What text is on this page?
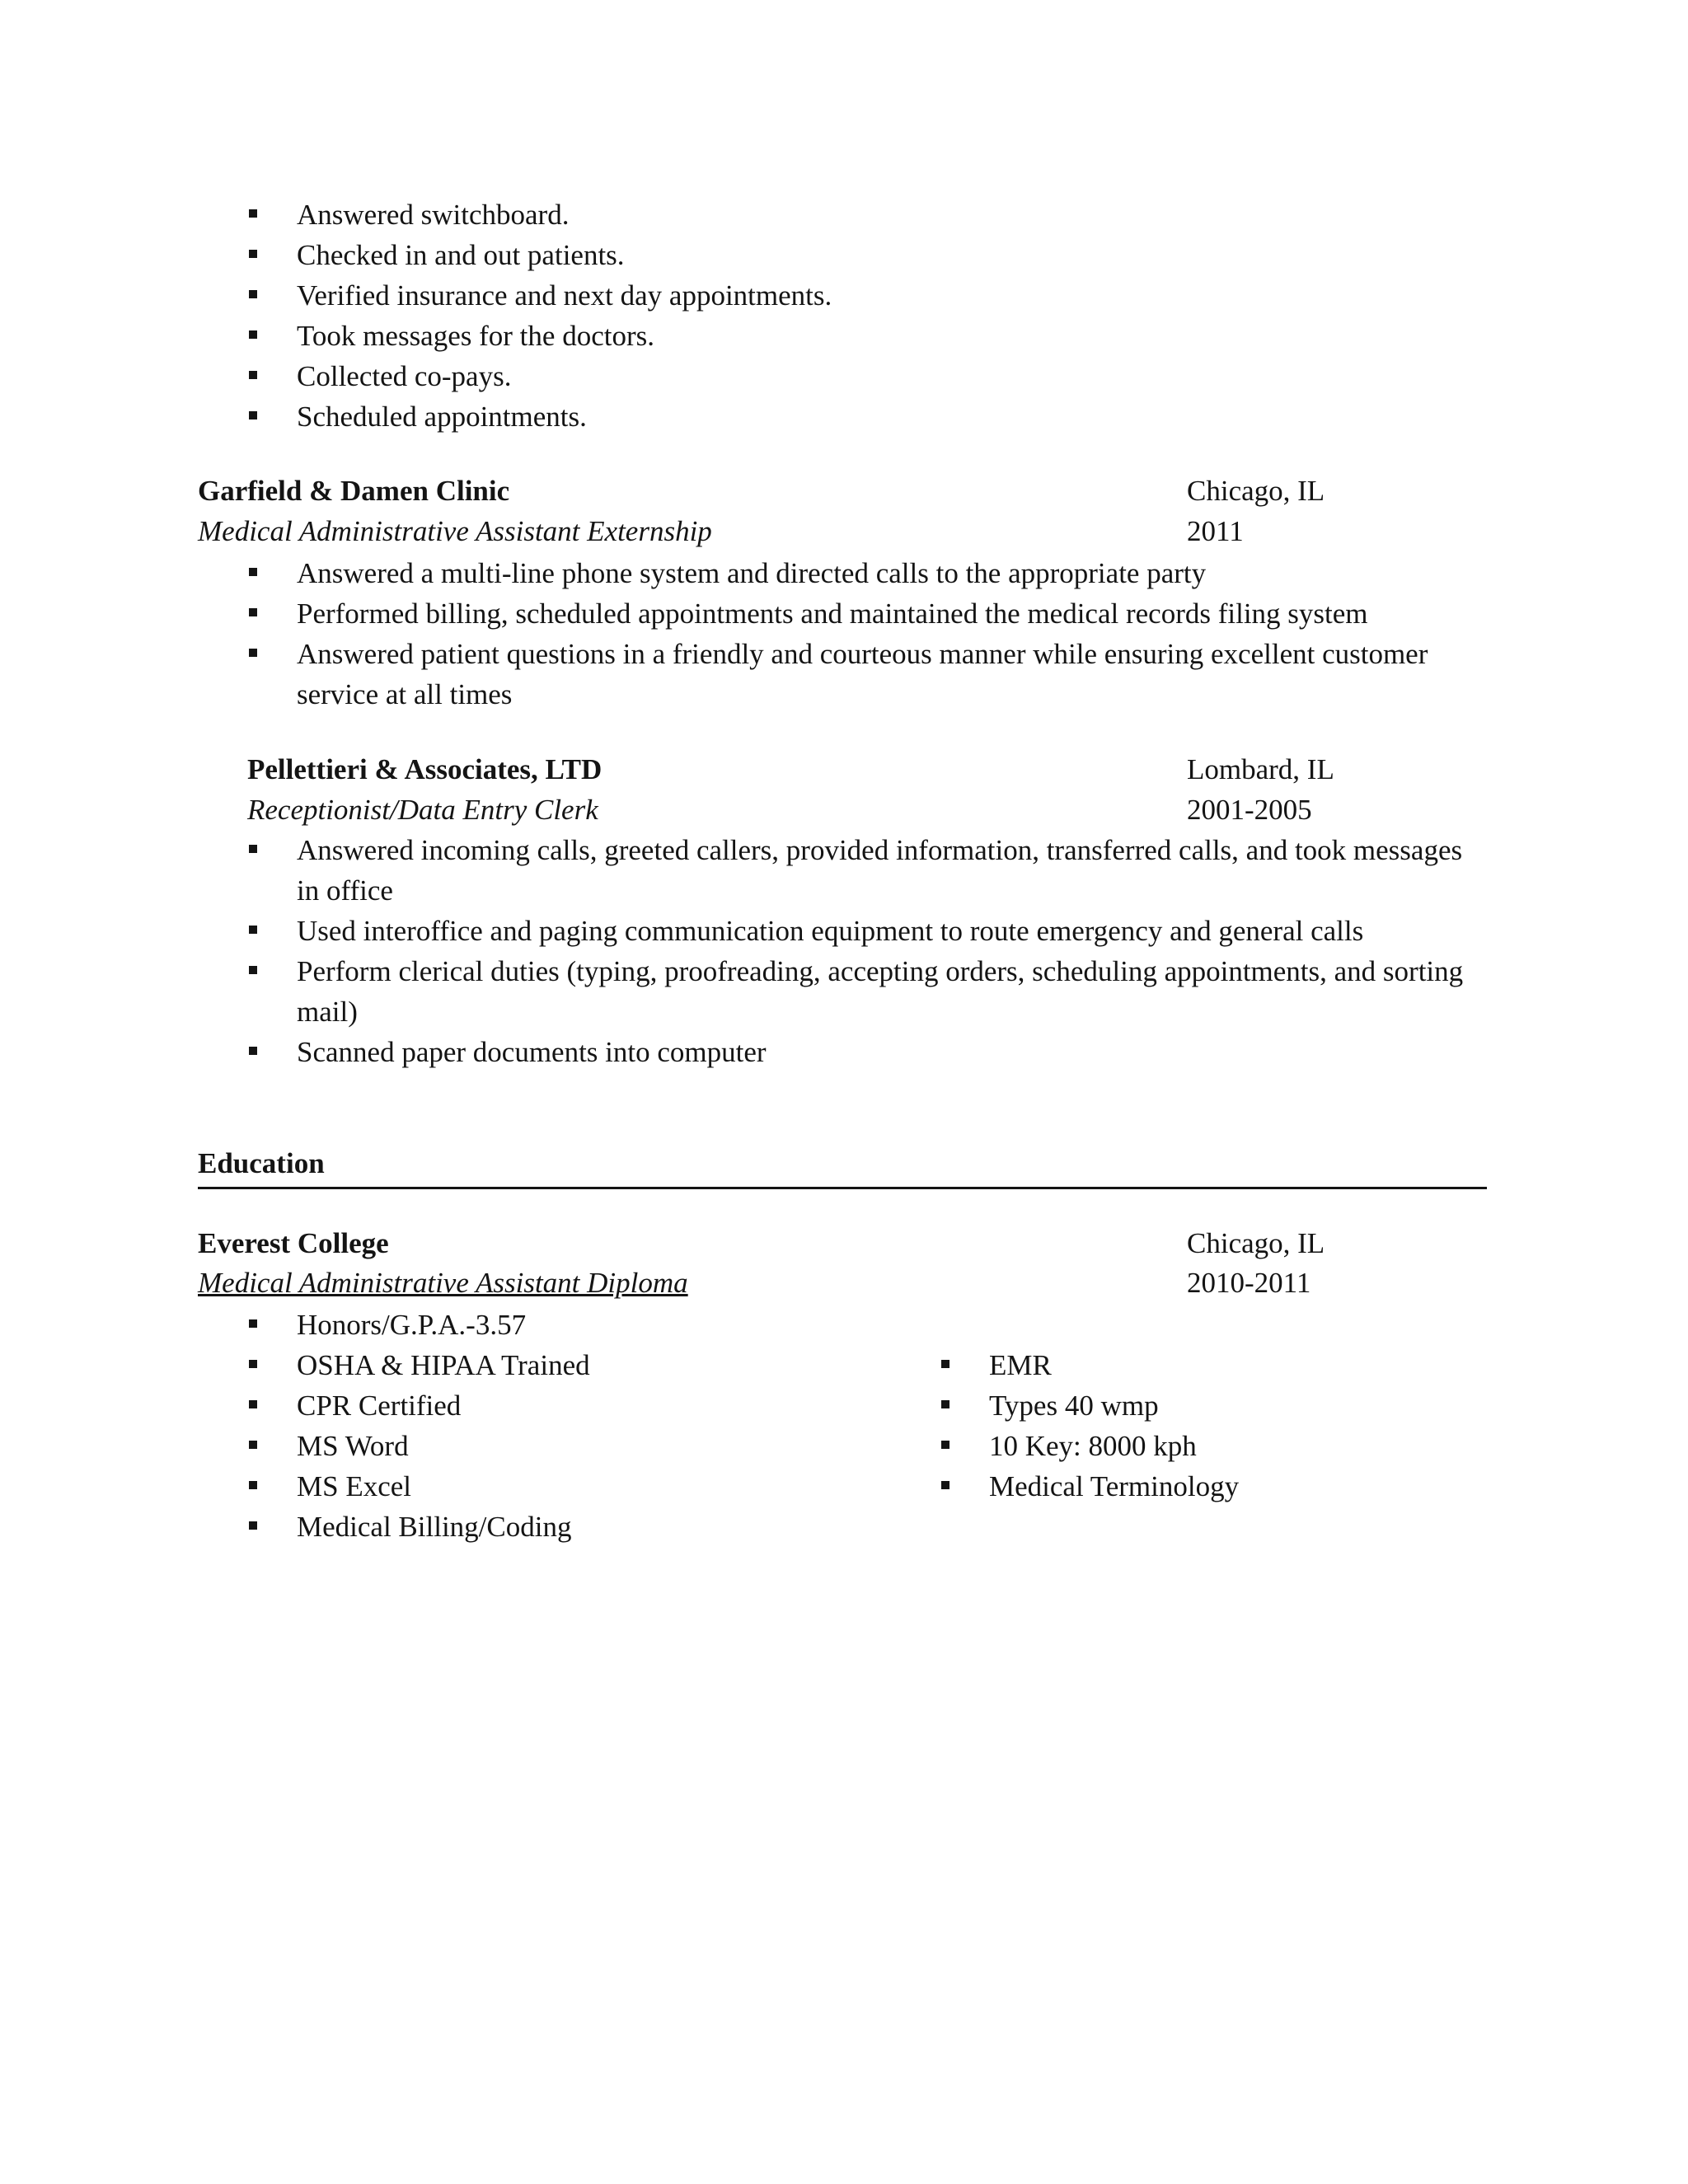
Answered switchboard.
Checked in and out patients.
Verified insurance and next day appointments.
Took messages for the doctors.
Collected co-pays.
Scheduled appointments.
Garfield & Damen Clinic	Chicago, IL
Medical Administrative Assistant Externship	2011
Answered a multi-line phone system and directed calls to the appropriate party
Performed billing, scheduled appointments and maintained the medical records filing system
Answered patient questions in a friendly and courteous manner while ensuring excellent customer service at all times
Pellettieri & Associates, LTD	Lombard, IL
Receptionist/Data Entry Clerk	2001-2005
Answered incoming calls, greeted callers, provided information, transferred calls, and took messages in office
Used interoffice and paging communication equipment to route emergency and general calls
Perform clerical duties (typing, proofreading, accepting orders, scheduling appointments, and sorting mail)
Scanned paper documents into computer
Education
Everest College	Chicago, IL
Medical Administrative Assistant Diploma	2010-2011
Honors/G.P.A.-3.57
OSHA & HIPAA Trained
CPR Certified
MS Word
MS Excel
Medical Billing/Coding
EMR
Types 40 wmp
10 Key: 8000 kph
Medical Terminology
